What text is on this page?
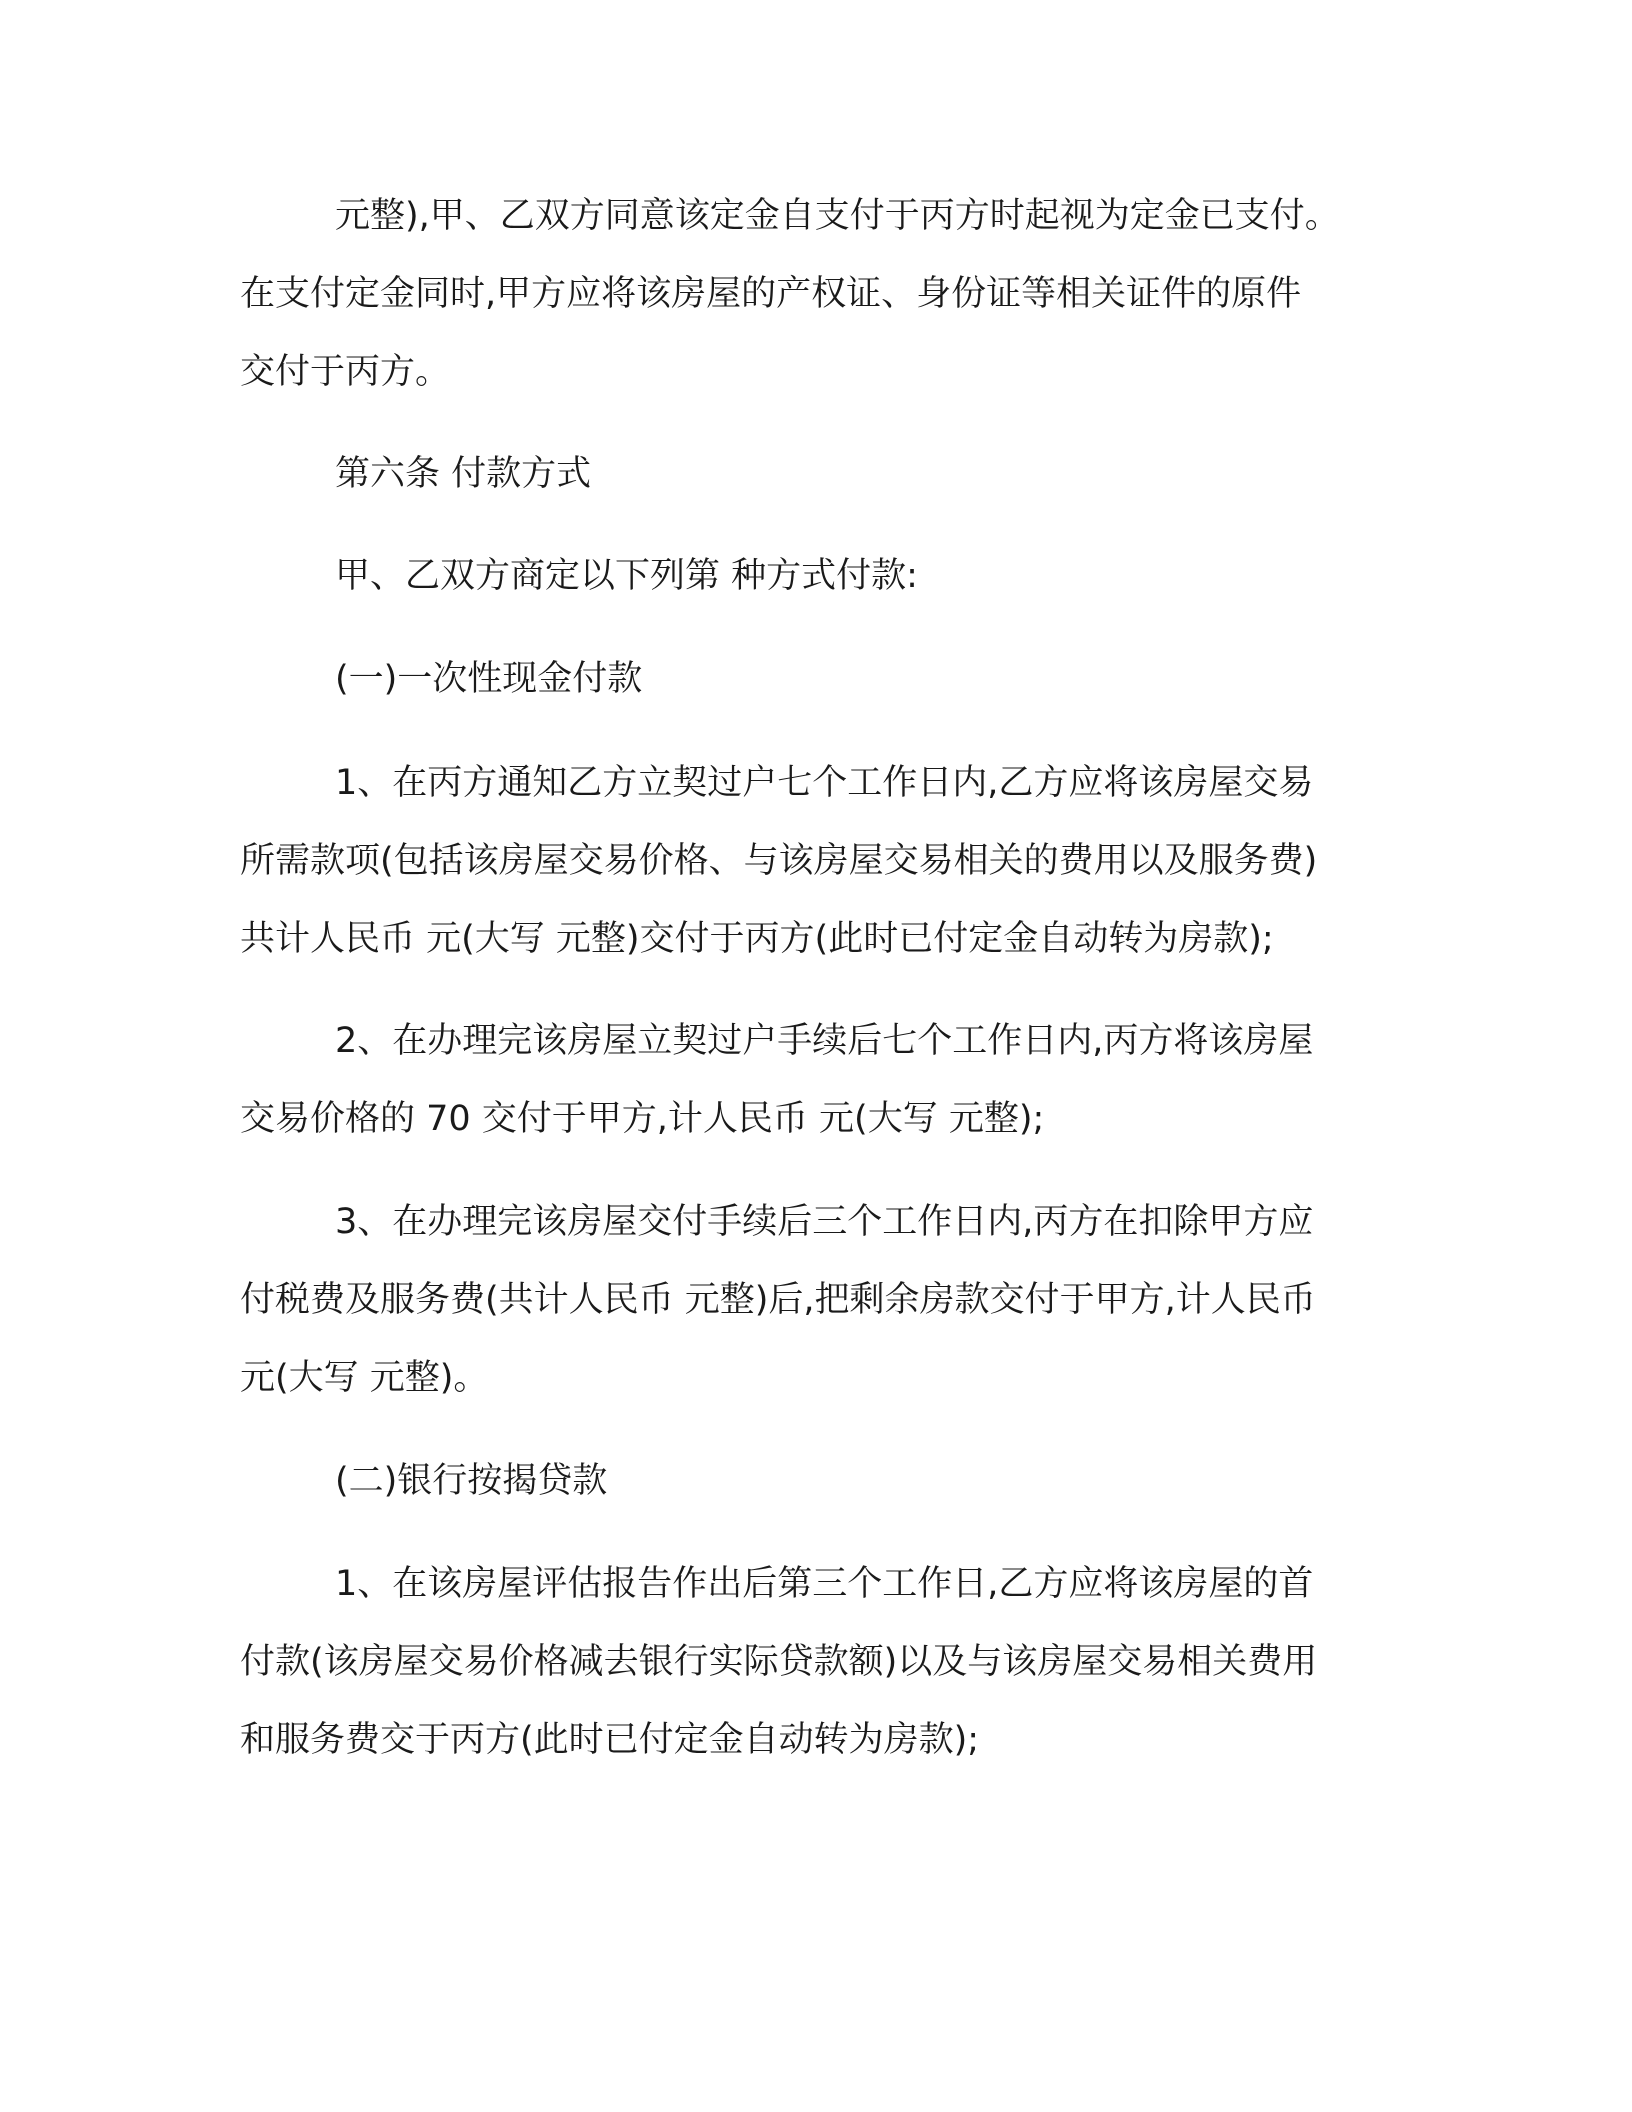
元整),甲、乙双方同意该定金自支付于丙方时起视为定金已支付。
在支付定金同时,甲方应将该房屋的产权证、身份证等相关证件的原件
交付于丙方。

第六条 付款方式

甲、乙双方商定以下列第 种方式付款:

(一)一次性现金付款

1、在丙方通知乙方立契过户七个工作日内,乙方应将该房屋交易
所需款项(包括该房屋交易价格、与该房屋交易相关的费用以及服务费)
共计人民币 元(大写 元整)交付于丙方(此时已付定金自动转为房款);

2、在办理完该房屋立契过户手续后七个工作日内,丙方将该房屋
交易价格的 70 交付于甲方,计人民币 元(大写 元整);

3、在办理完该房屋交付手续后三个工作日内,丙方在扣除甲方应
付税费及服务费(共计人民币 元整)后,把剩余房款交付于甲方,计人民币
元(大写 元整)。

(二)银行按揭贷款

1、在该房屋评估报告作出后第三个工作日,乙方应将该房屋的首
付款(该房屋交易价格减去银行实际贷款额)以及与该房屋交易相关费用
和服务费交于丙方(此时已付定金自动转为房款);
